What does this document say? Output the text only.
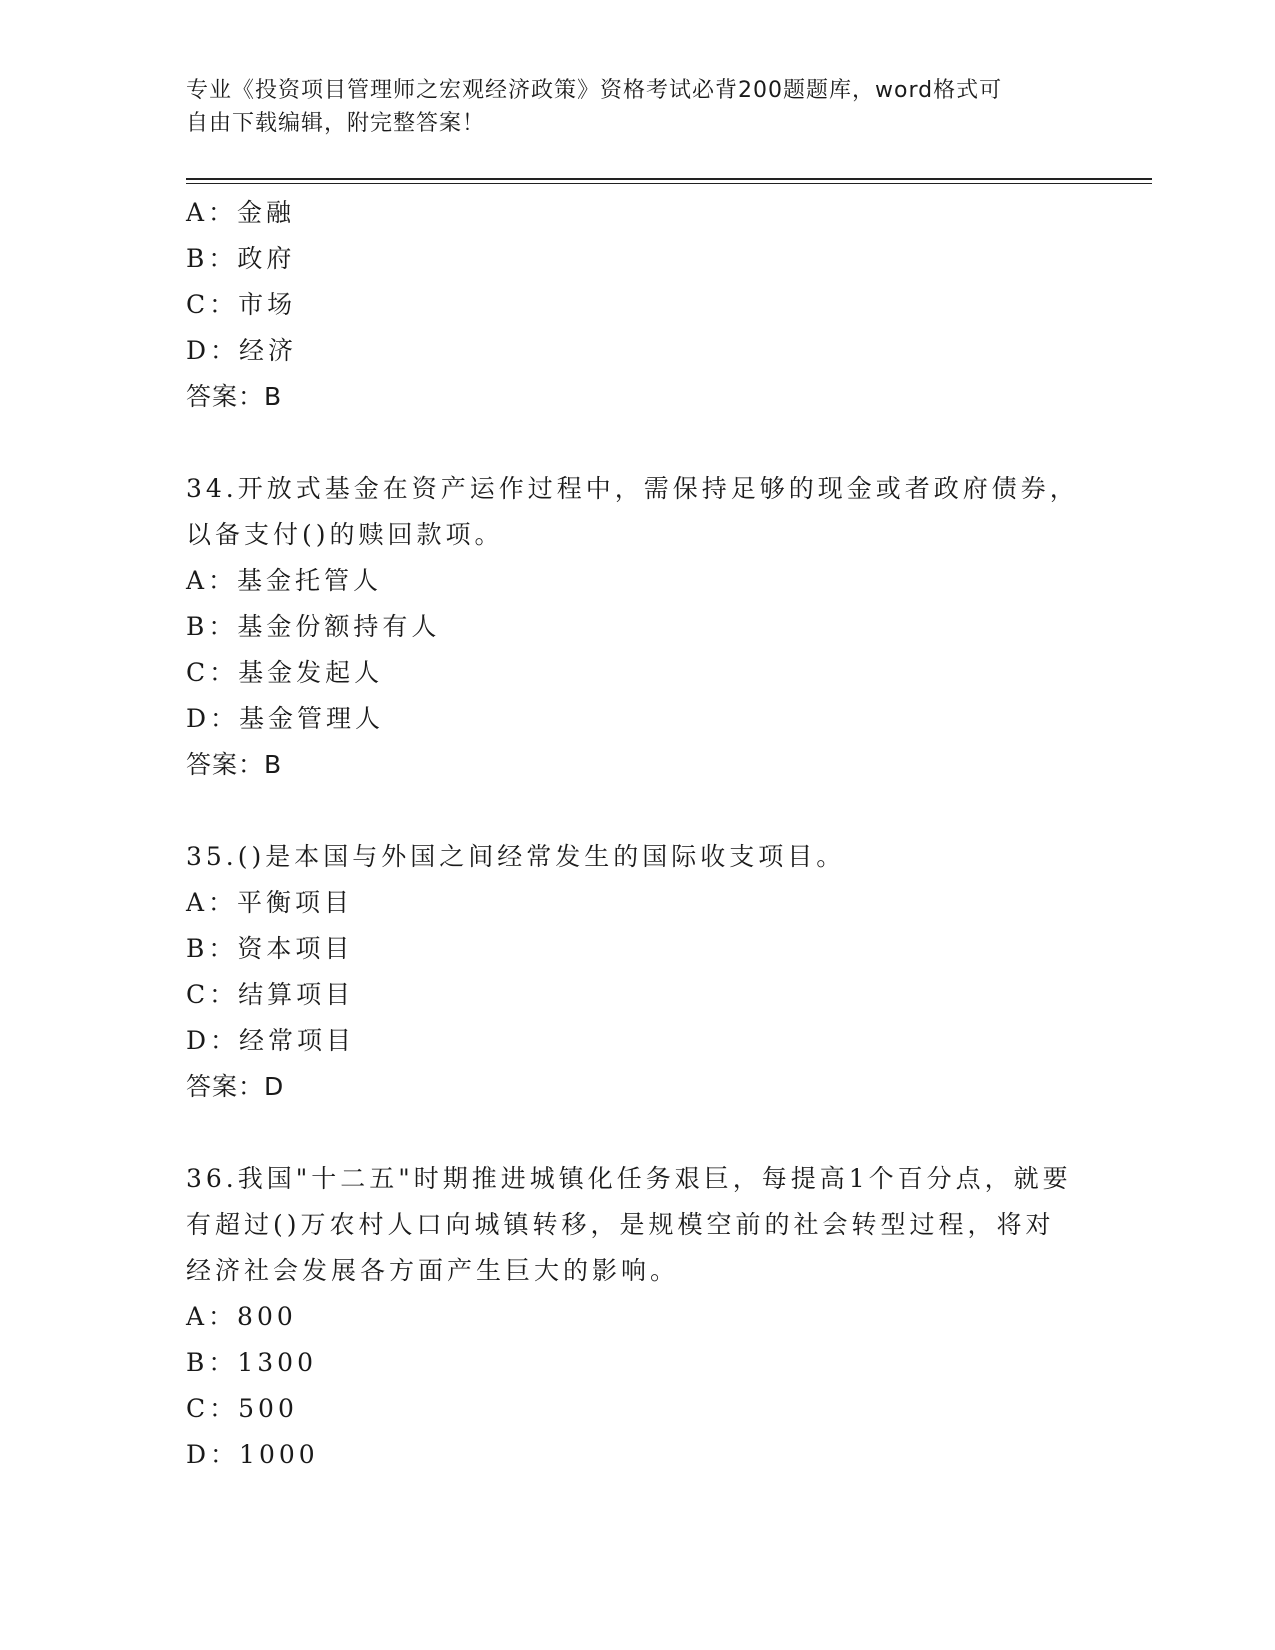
专业《投资项目管理师之宏观经济政策》资格考试必背200题题库，word格式可
自由下载编辑，附完整答案！
A：金融
B：政府
C：市场
D：经济
答案：B
34.开放式基金在资产运作过程中，需保持足够的现金或者政府债券，
以备支付()的赎回款项。
A：基金托管人
B：基金份额持有人
C：基金发起人
D：基金管理人
答案：B
35.()是本国与外国之间经常发生的国际收支项目。
A：平衡项目
B：资本项目
C：结算项目
D：经常项目
答案：D
36.我国"十二五"时期推进城镇化任务艰巨，每提高1个百分点，就要
有超过()万农村人口向城镇转移，是规模空前的社会转型过程，将对
经济社会发展各方面产生巨大的影响。
A：800
B：1300
C：500
D：1000
